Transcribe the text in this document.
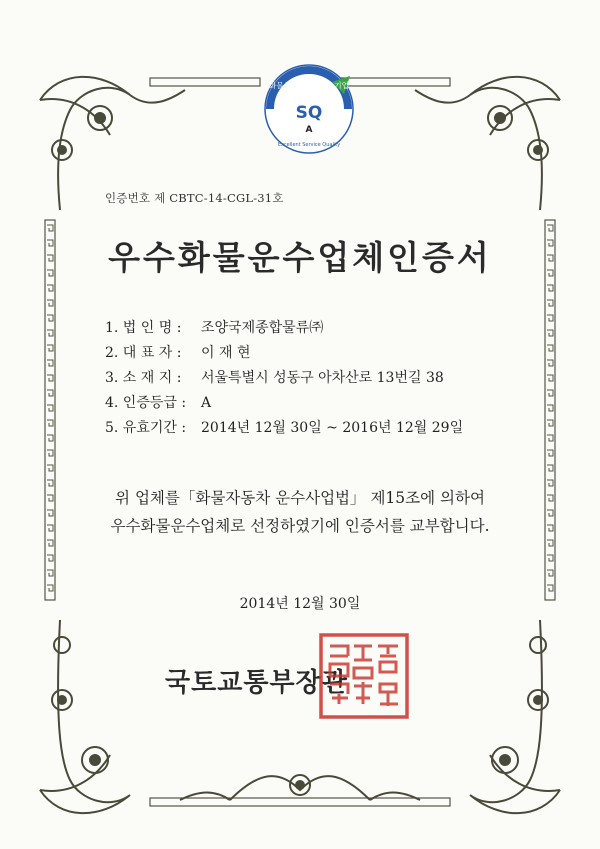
화물운송서비스우수기업
SQ
A
Excellent Service Quality
인증번호 제 CBTC-14-CGL-31호
우수화물운수업체인증서
1. 법 인 명 :	조양국제종합물류㈜
2. 대 표 자 :	이 재 현
3. 소 재 지 :	서울특별시 성동구 아차산로 13번길 38
4. 인증등급 :	A
5. 유효기간 :	2014년 12월 30일 ~ 2016년 12월 29일
위 업체를「화물자동차 운수사업법」 제15조에 의하여
우수화물운수업체로 선정하였기에 인증서를 교부합니다.
2014년 12월 30일
국토교통부장관
